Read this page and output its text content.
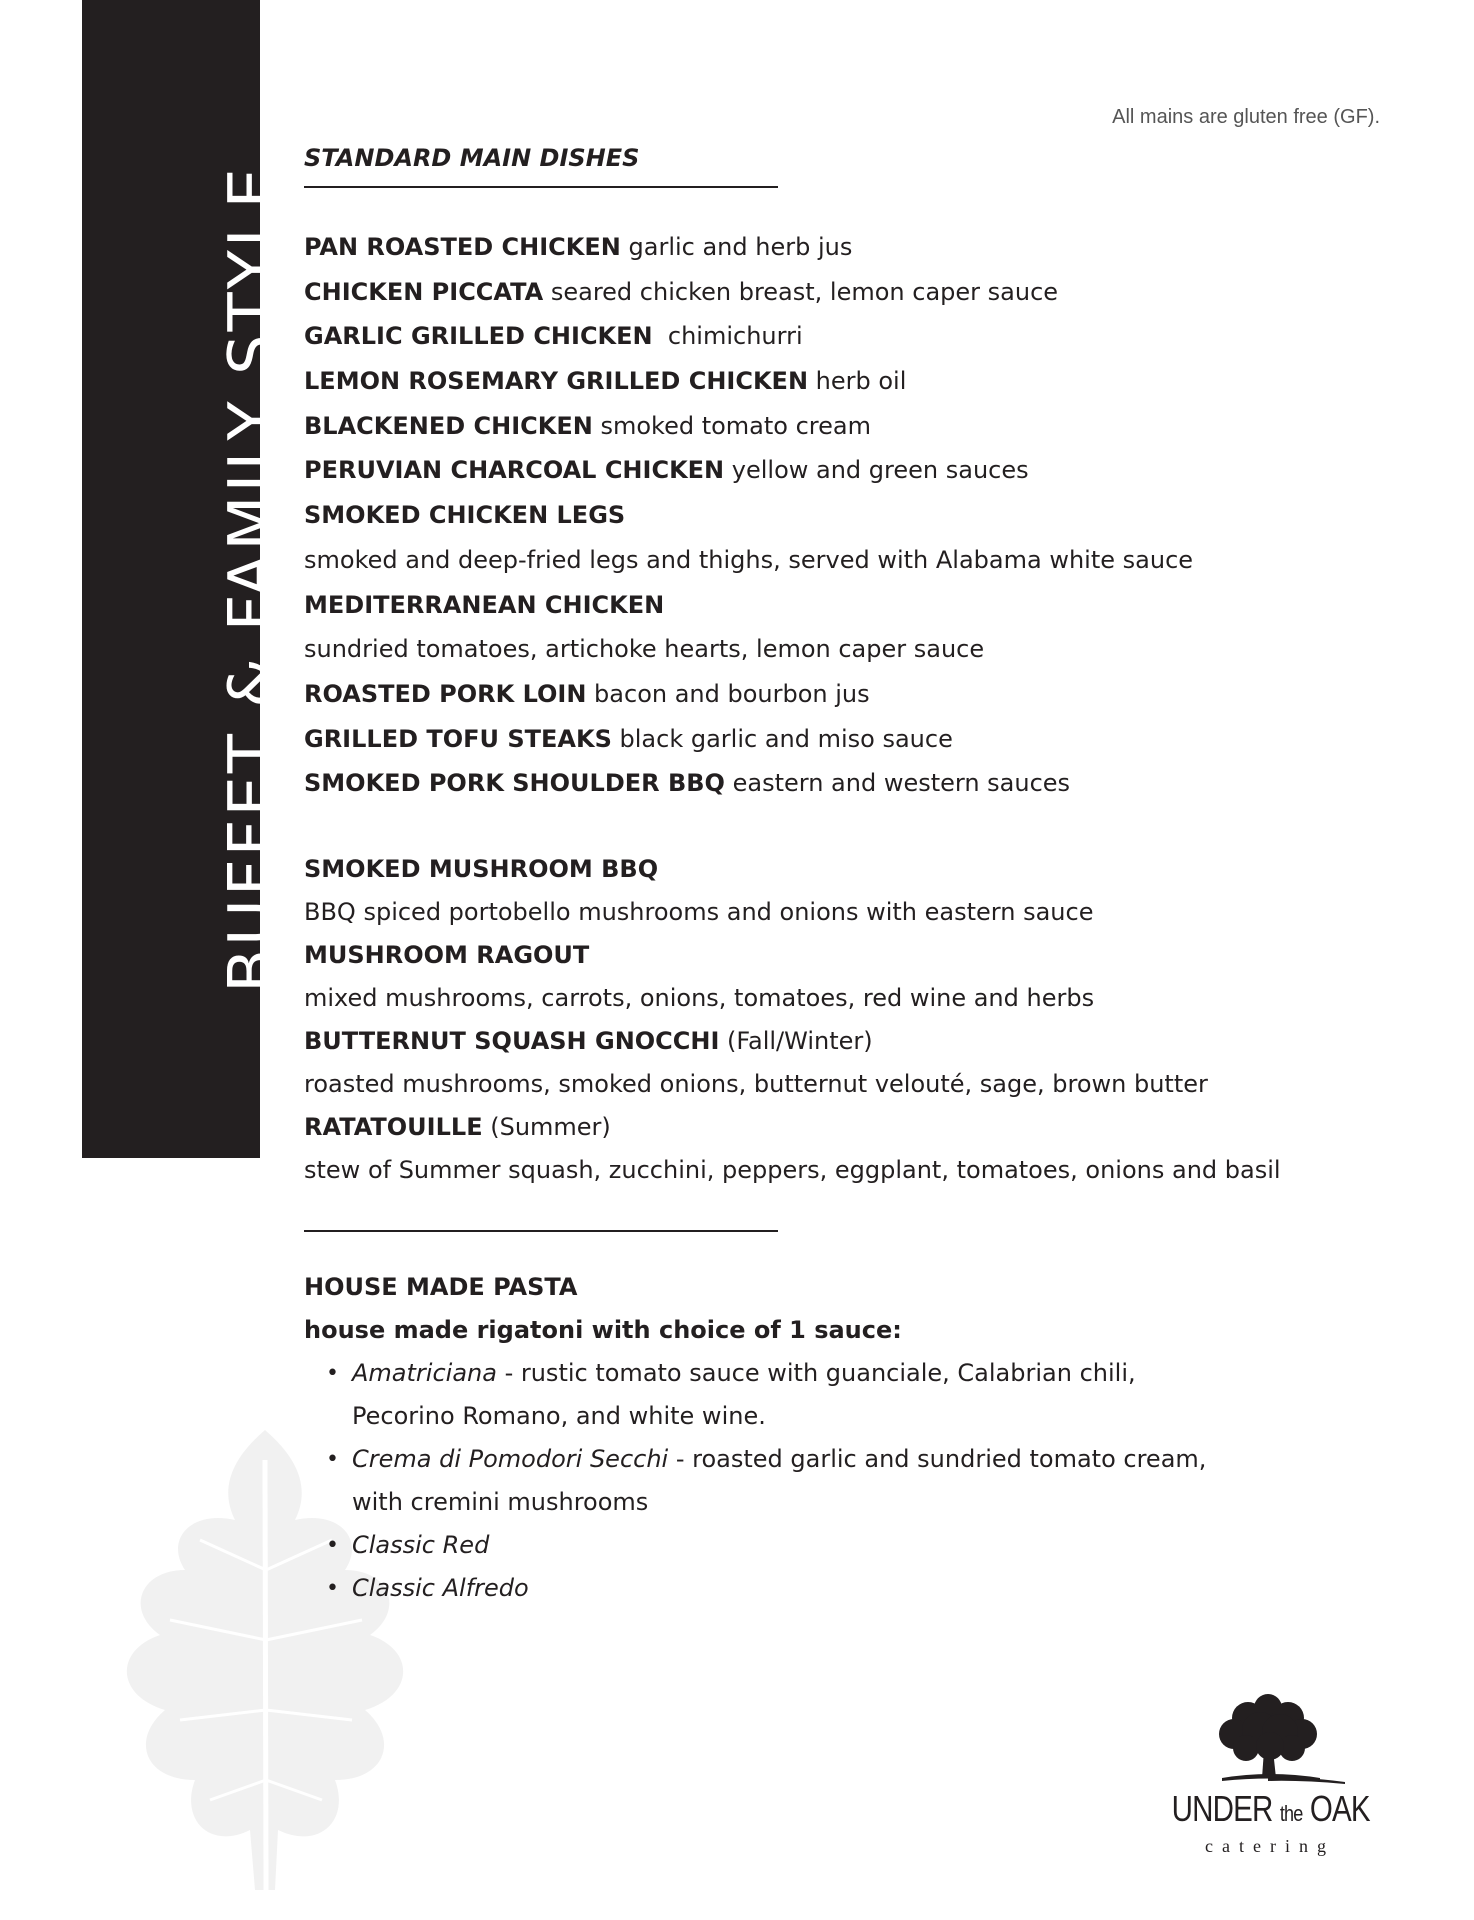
BUFFET & FAMILY STYLE
All mains are gluten free (GF).
STANDARD MAIN DISHES
PAN ROASTED CHICKEN garlic and herb jus
CHICKEN PICCATA seared chicken breast, lemon caper sauce
GARLIC GRILLED CHICKEN  chimichurri
LEMON ROSEMARY GRILLED CHICKEN herb oil
BLACKENED CHICKEN smoked tomato cream
PERUVIAN CHARCOAL CHICKEN yellow and green sauces
SMOKED CHICKEN LEGS
smoked and deep-fried legs and thighs, served with Alabama white sauce
MEDITERRANEAN CHICKEN
sundried tomatoes, artichoke hearts, lemon caper sauce
ROASTED PORK LOIN bacon and bourbon jus
GRILLED TOFU STEAKS black garlic and miso sauce
SMOKED PORK SHOULDER BBQ eastern and western sauces
SMOKED MUSHROOM BBQ
BBQ spiced portobello mushrooms and onions with eastern sauce
MUSHROOM RAGOUT
mixed mushrooms, carrots, onions, tomatoes, red wine and herbs
BUTTERNUT SQUASH GNOCCHI (Fall/Winter)
roasted mushrooms, smoked onions, butternut velouté, sage, brown butter
RATATOUILLE (Summer)
stew of Summer squash, zucchini, peppers, eggplant, tomatoes, onions and basil
HOUSE MADE PASTA
house made rigatoni with choice of 1 sauce:
• Amatriciana - rustic tomato sauce with guanciale, Calabrian chili,
Pecorino Romano, and white wine.
• Crema di Pomodori Secchi - roasted garlic and sundried tomato cream,
with cremini mushrooms
• Classic Red
• Classic Alfredo
UNDER the OAK
catering
